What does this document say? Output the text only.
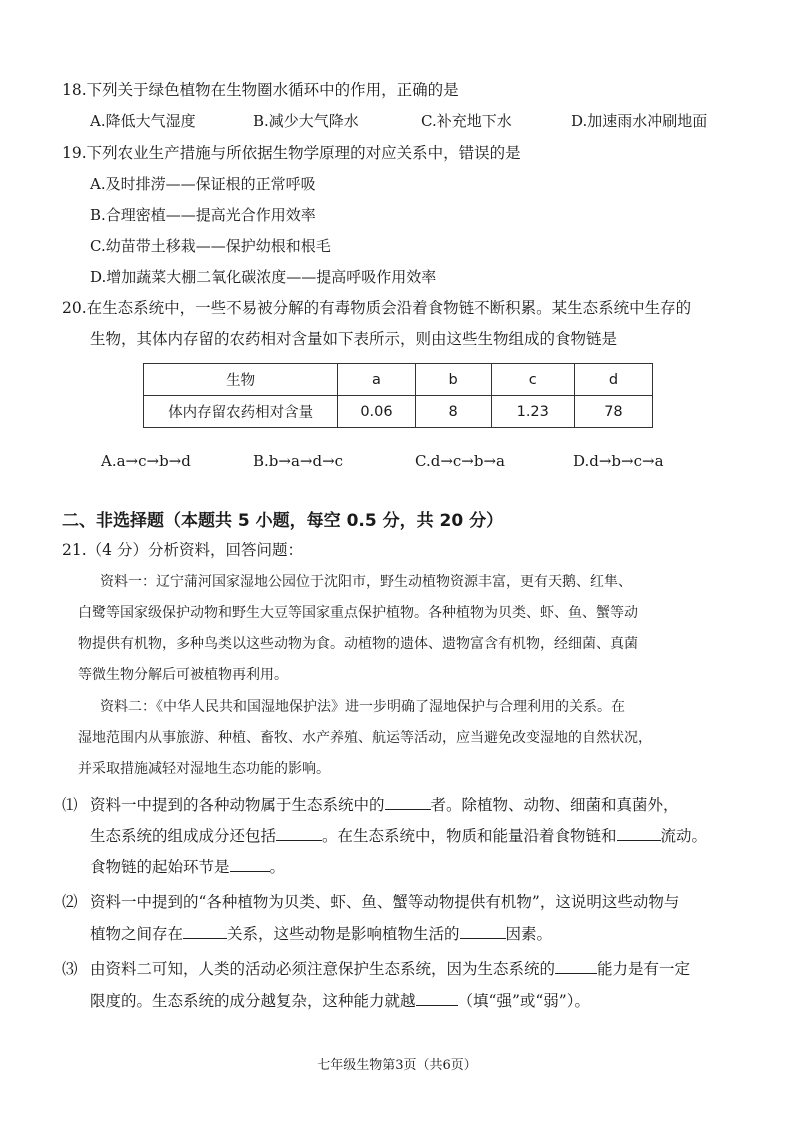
18.下列关于绿色植物在生物圈水循环中的作用，正确的是
A.降低大气湿度	B.减少大气降水	C.补充地下水	D.加速雨水冲刷地面
19.下列农业生产措施与所依据生物学原理的对应关系中，错误的是
A.及时排涝——保证根的正常呼吸
B.合理密植——提高光合作用效率
C.幼苗带土移栽——保护幼根和根毛
D.增加蔬菜大棚二氧化碳浓度——提高呼吸作用效率
20.在生态系统中，一些不易被分解的有毒物质会沿着食物链不断积累。某生态系统中生存的
生物，其体内存留的农药相对含量如下表所示，则由这些生物组成的食物链是
生物	a	b	c	d
体内存留农药相对含量	0.06	8	1.23	78
A.a→c→b→d	B.b→a→d→c	C.d→c→b→a	D.d→b→c→a
二、非选择题（本题共 5 小题，每空 0.5 分，共 20 分）
21.（4 分）分析资料，回答问题：
资料一：辽宁蒲河国家湿地公园位于沈阳市，野生动植物资源丰富，更有天鹅、红隼、
白鹭等国家级保护动物和野生大豆等国家重点保护植物。各种植物为贝类、虾、鱼、蟹等动
物提供有机物，多种鸟类以这些动物为食。动植物的遗体、遗物富含有机物，经细菌、真菌
等微生物分解后可被植物再利用。
资料二：《中华人民共和国湿地保护法》进一步明确了湿地保护与合理利用的关系。在
湿地范围内从事旅游、种植、畜牧、水产养殖、航运等活动，应当避免改变湿地的自然状况，
并采取措施减轻对湿地生态功能的影响。
⑴ 资料一中提到的各种动物属于生态系统中的	者。除植物、动物、细菌和真菌外，
生态系统的组成成分还包括	。在生态系统中，物质和能量沿着食物链和	流动。
食物链的起始环节是	。
⑵ 资料一中提到的“各种植物为贝类、虾、鱼、蟹等动物提供有机物”，这说明这些动物与
植物之间存在	关系，这些动物是影响植物生活的	因素。
⑶ 由资料二可知，人类的活动必须注意保护生态系统，因为生态系统的	能力是有一定
限度的。生态系统的成分越复杂，这种能力就越	（填“强”或“弱”）。
七年级生物第3页（共6页）
